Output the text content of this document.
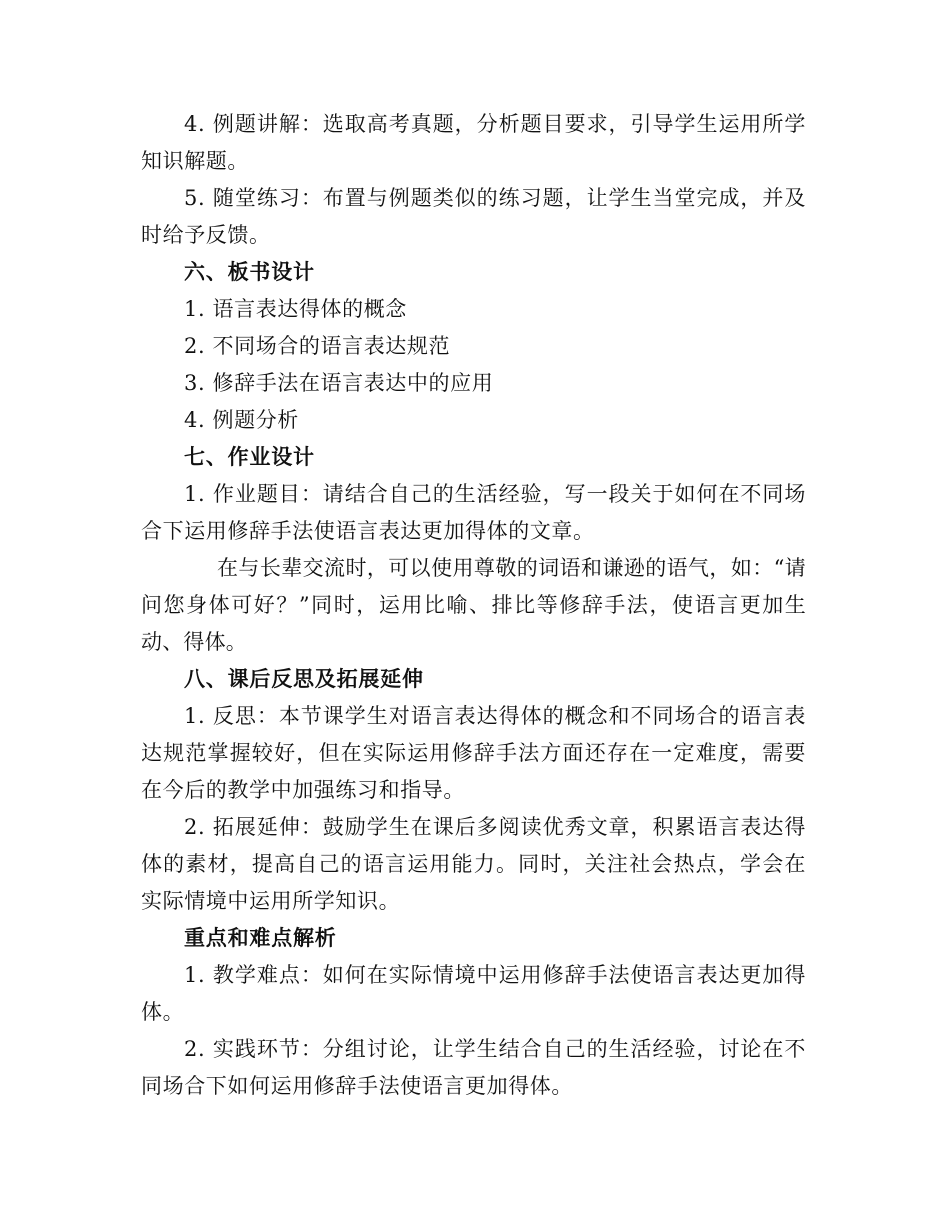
4. 例题讲解：选取高考真题，分析题目要求，引导学生运用所学知识解题。

5. 随堂练习：布置与例题类似的练习题，让学生当堂完成，并及时给予反馈。

六、板书设计

1. 语言表达得体的概念

2. 不同场合的语言表达规范

3. 修辞手法在语言表达中的应用

4. 例题分析

七、作业设计

1. 作业题目：请结合自己的生活经验，写一段关于如何在不同场合下运用修辞手法使语言表达更加得体的文章。

在与长辈交流时，可以使用尊敬的词语和谦逊的语气，如：“请问您身体可好？”同时，运用比喻、排比等修辞手法，使语言更加生动、得体。

八、课后反思及拓展延伸

1. 反思：本节课学生对语言表达得体的概念和不同场合的语言表达规范掌握较好，但在实际运用修辞手法方面还存在一定难度，需要在今后的教学中加强练习和指导。

2. 拓展延伸：鼓励学生在课后多阅读优秀文章，积累语言表达得体的素材，提高自己的语言运用能力。同时，关注社会热点，学会在实际情境中运用所学知识。

重点和难点解析

1. 教学难点：如何在实际情境中运用修辞手法使语言表达更加得体。

2. 实践环节：分组讨论，让学生结合自己的生活经验，讨论在不同场合下如何运用修辞手法使语言更加得体。
